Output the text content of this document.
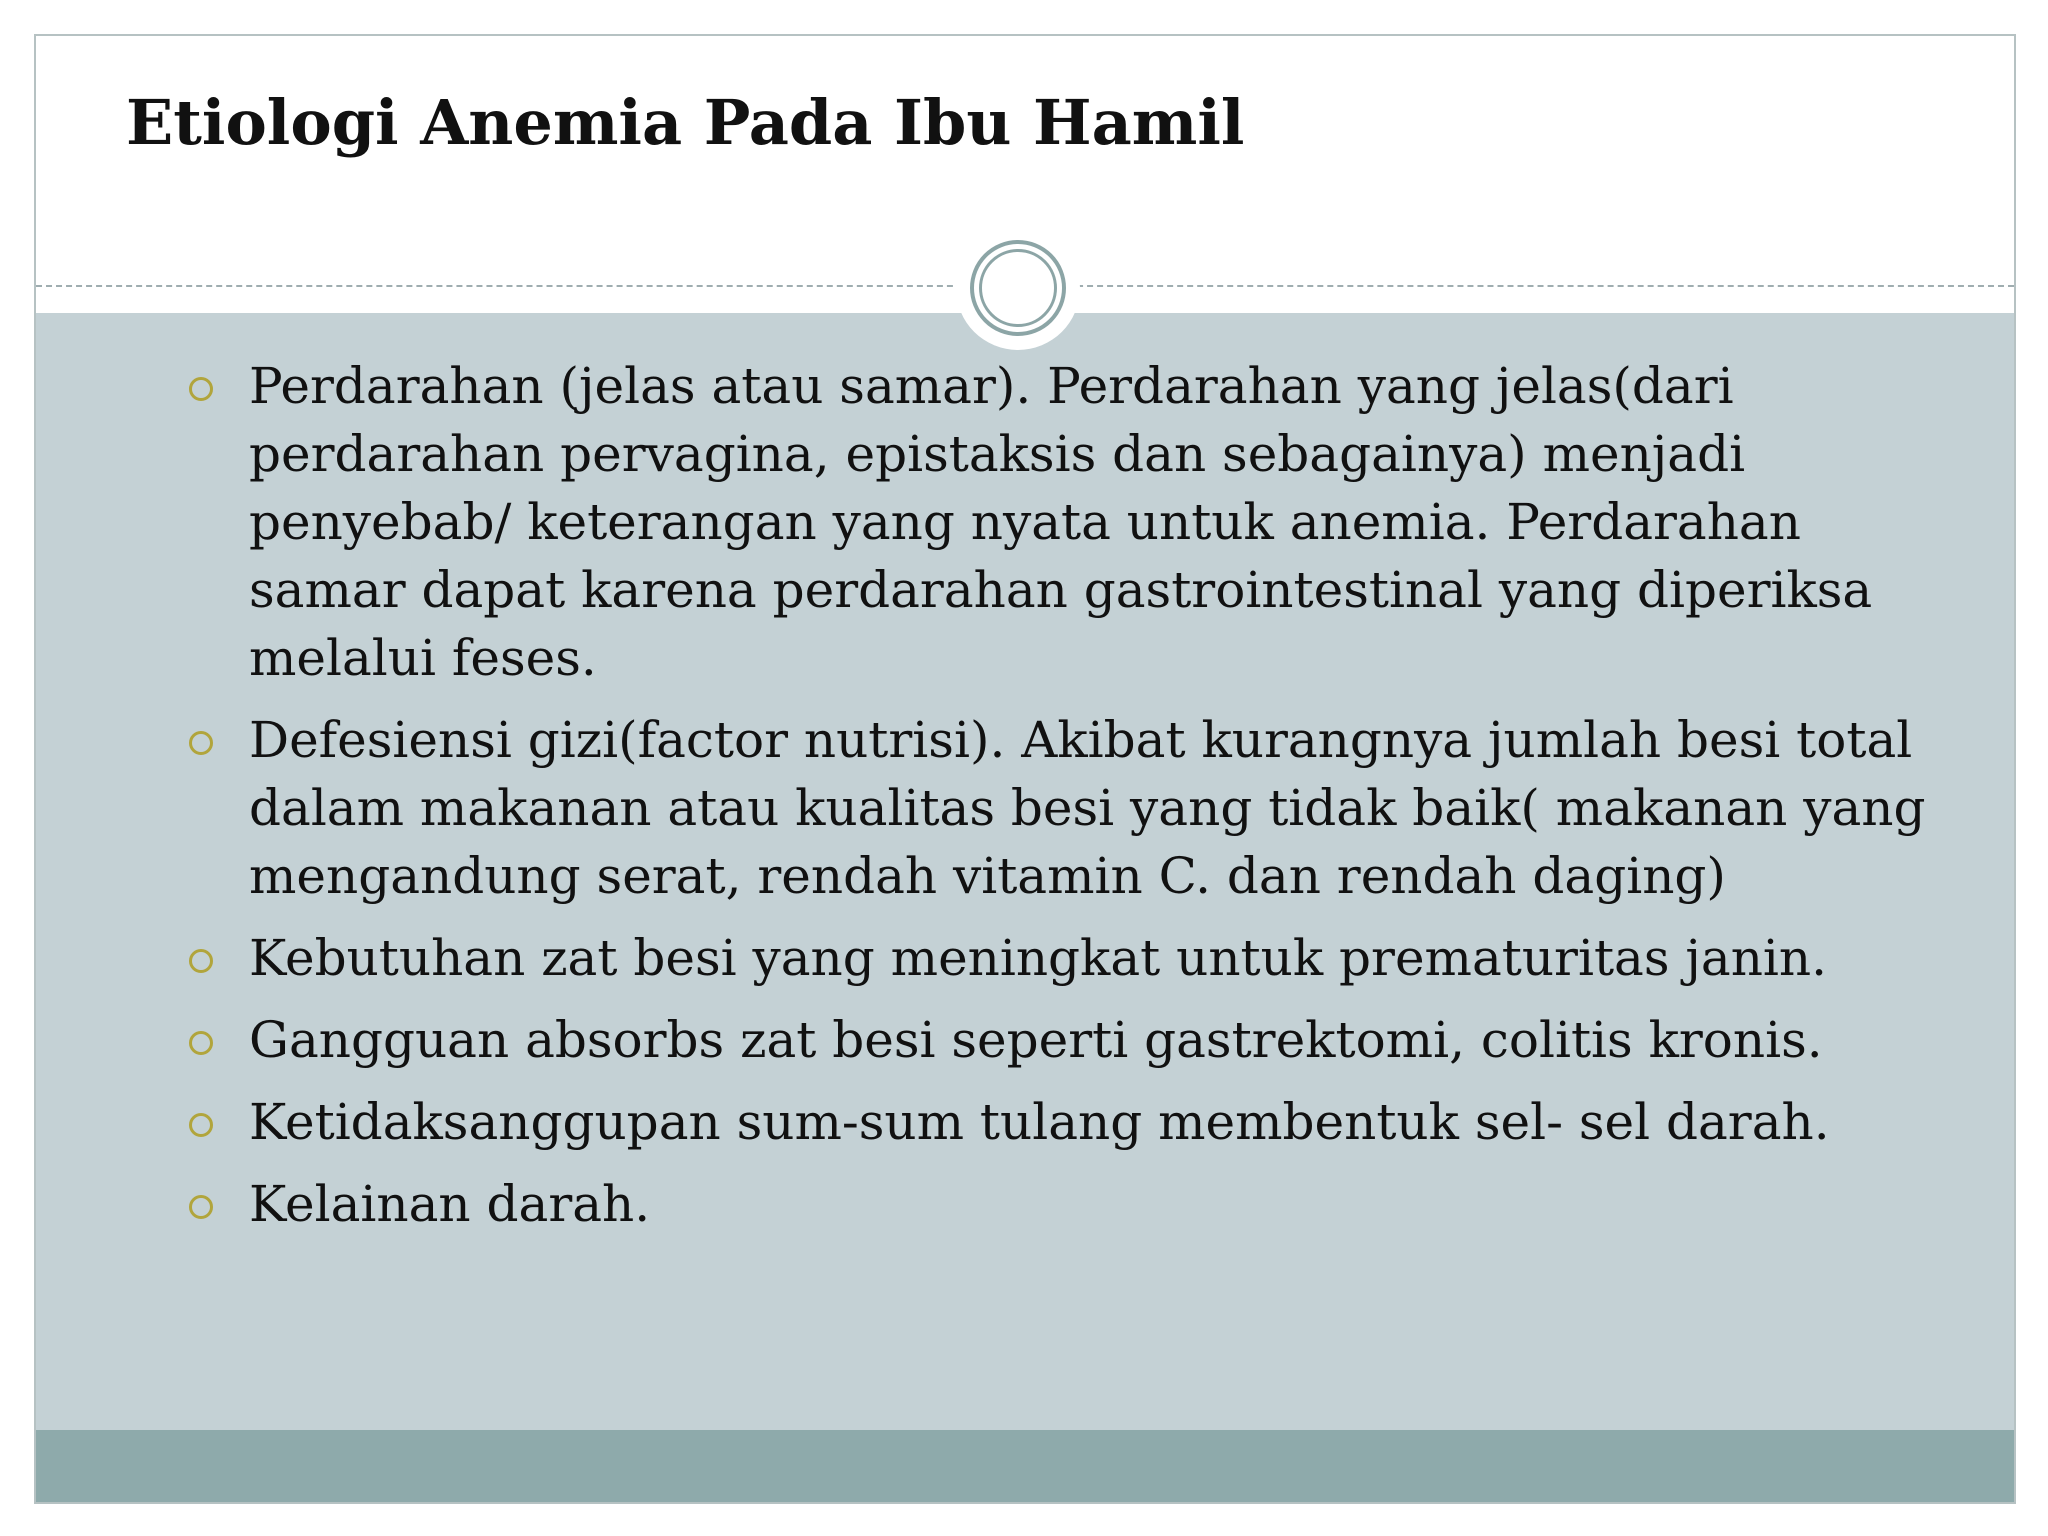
Etiologi Anemia Pada Ibu Hamil
Perdarahan (jelas atau samar). Perdarahan yang jelas(dari perdarahan pervagina, epistaksis dan sebagainya) menjadi penyebab/ keterangan yang nyata untuk anemia. Perdarahan samar dapat karena perdarahan gastrointestinal yang diperiksa melalui feses.
Defesiensi gizi(factor nutrisi). Akibat kurangnya jumlah besi total dalam makanan atau kualitas besi yang tidak baik( makanan yang mengandung serat, rendah vitamin C. dan rendah daging)
Kebutuhan zat besi yang meningkat untuk prematuritas janin.
Gangguan absorbs zat besi seperti gastrektomi, colitis kronis.
Ketidaksanggupan sum-sum tulang membentuk sel- sel darah.
Kelainan darah.
